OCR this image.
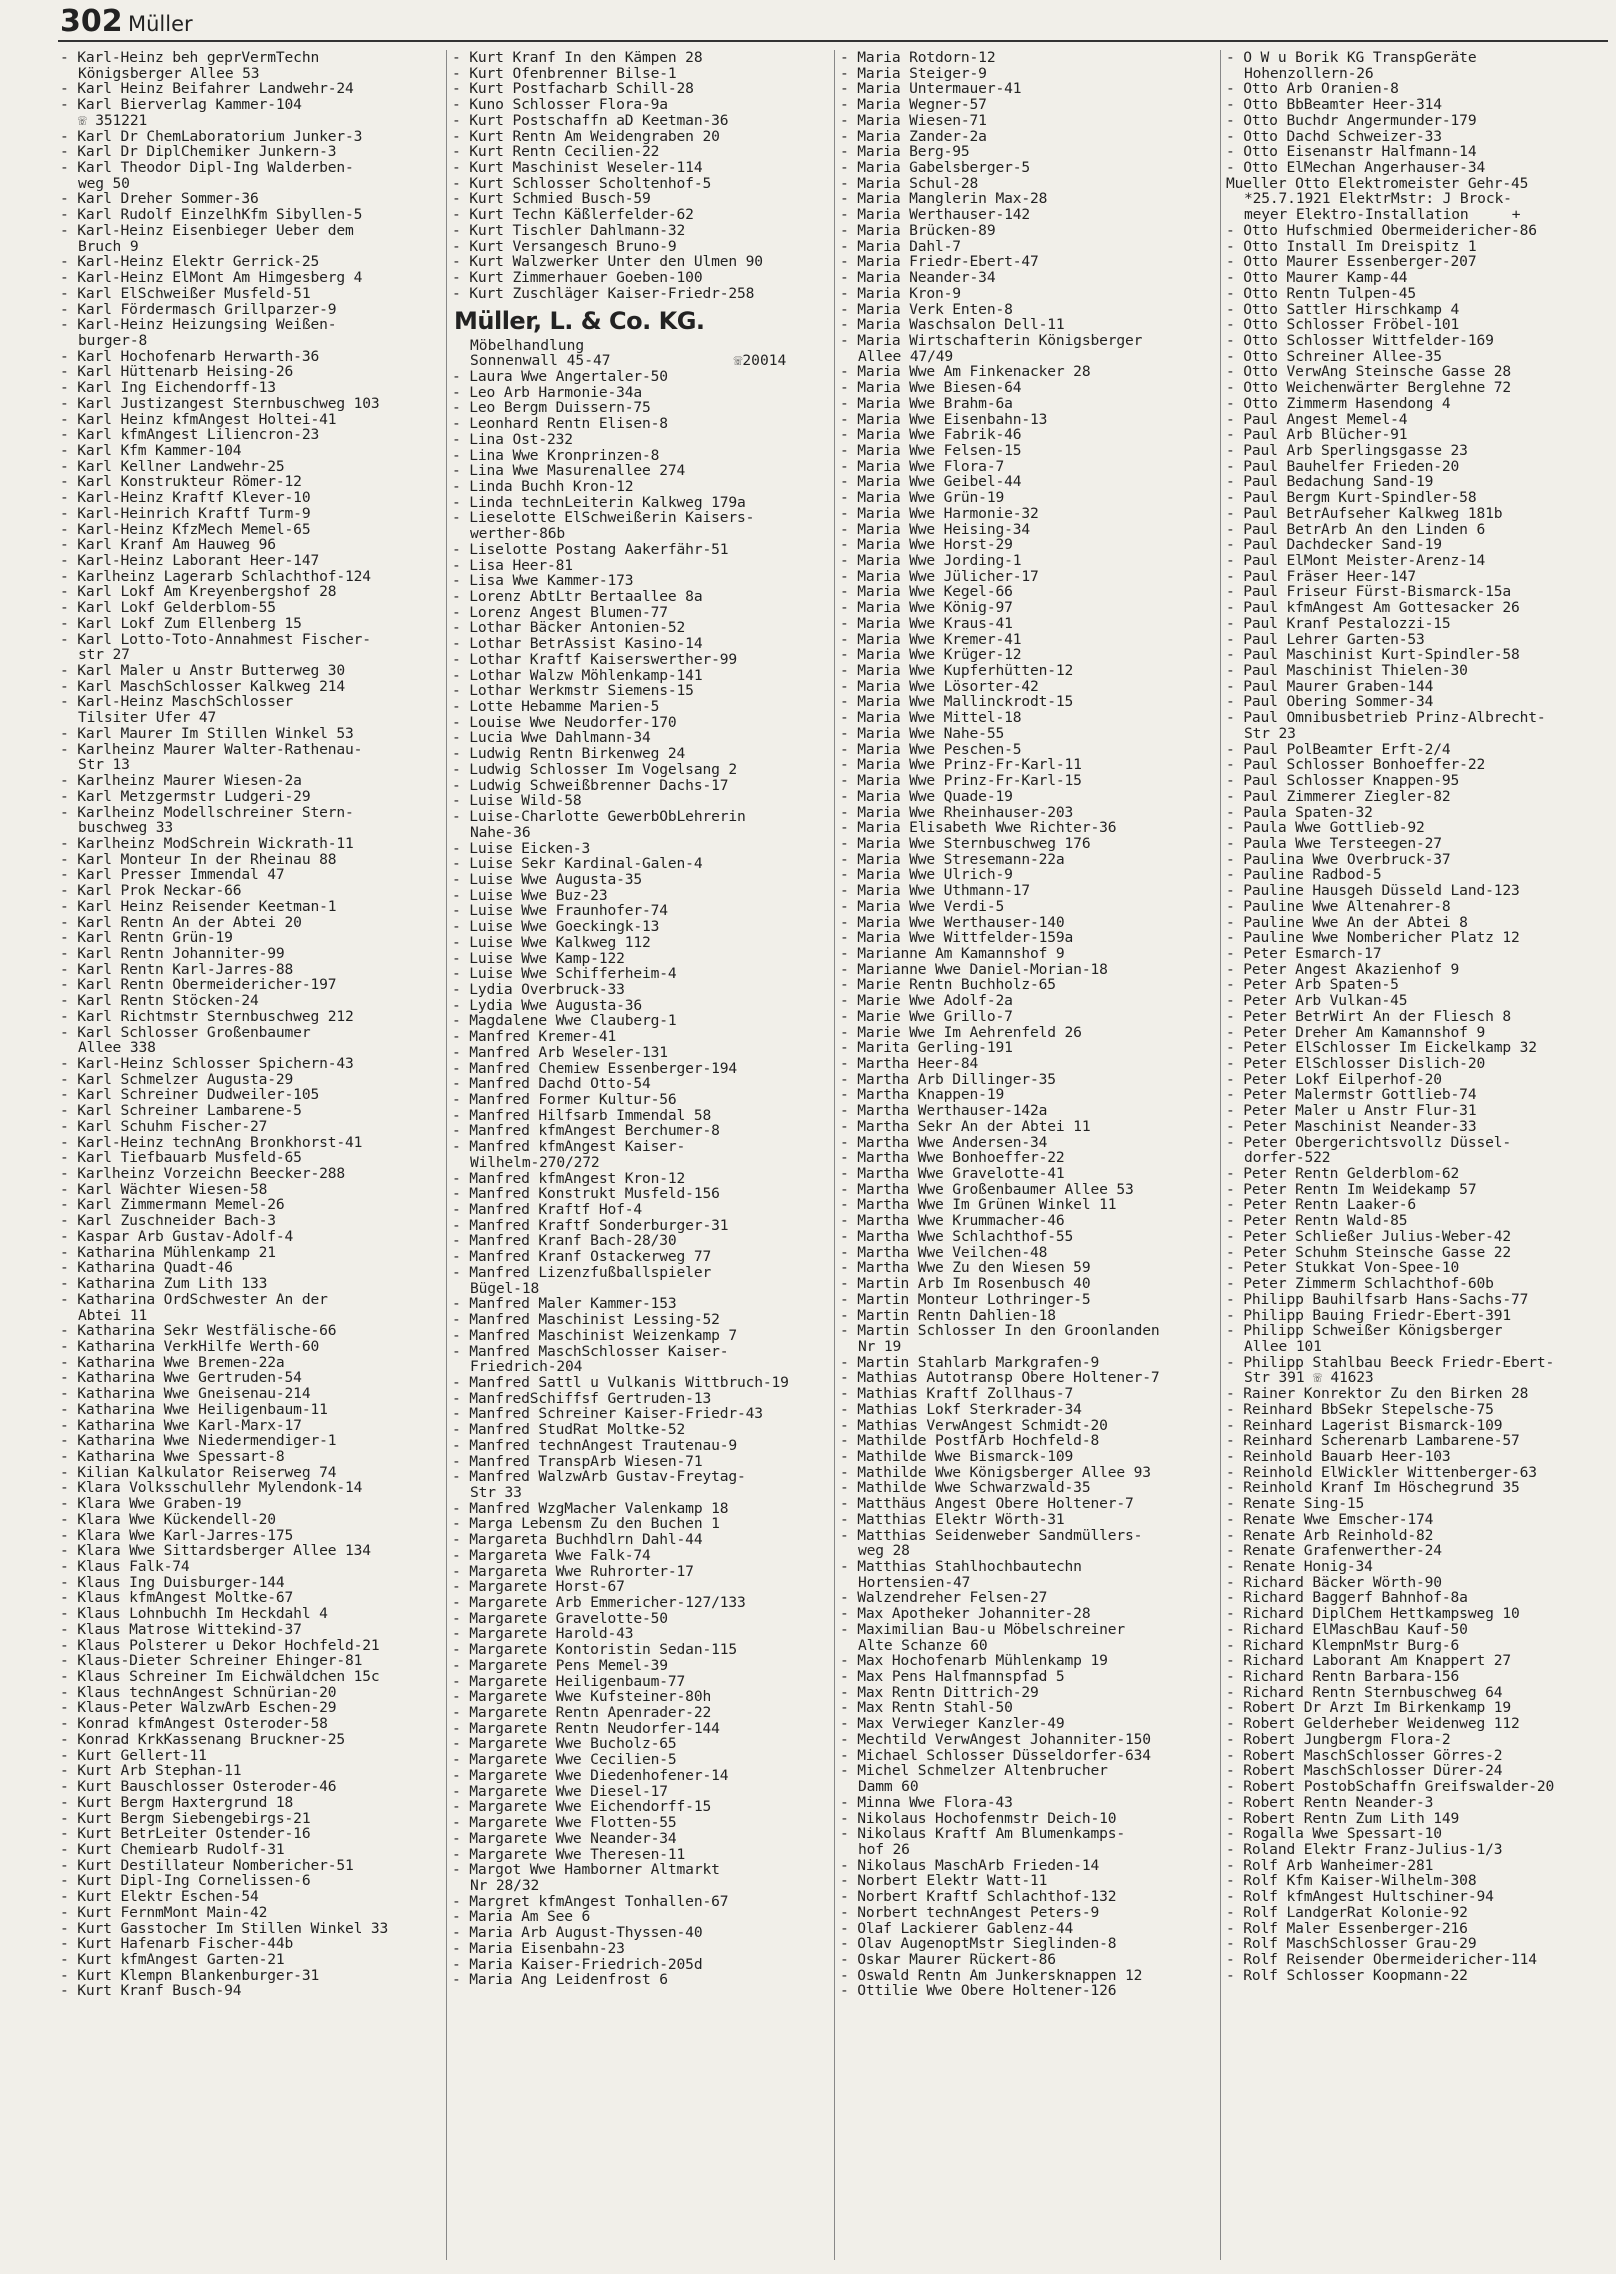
302 Müller
- Karl-Heinz beh geprVermTechn
Königsberger Allee 53
- Karl Heinz Beifahrer Landwehr-24
- Karl Bierverlag Kammer-104
☏ 351221
- Karl Dr ChemLaboratorium Junker-3
- Karl Dr DiplChemiker Junkern-3
- Karl Theodor Dipl-Ing Walderben-
weg 50
- Karl Dreher Sommer-36
- Karl Rudolf EinzelhKfm Sibyllen-5
- Karl-Heinz Eisenbieger Ueber dem
Bruch 9
- Karl-Heinz Elektr Gerrick-25
- Karl-Heinz ElMont Am Himgesberg 4
- Karl ElSchweißer Musfeld-51
- Karl Fördermasch Grillparzer-9
- Karl-Heinz Heizungsing Weißen-
burger-8
- Karl Hochofenarb Herwarth-36
- Karl Hüttenarb Heising-26
- Karl Ing Eichendorff-13
- Karl Justizangest Sternbuschweg 103
- Karl Heinz kfmAngest Holtei-41
- Karl kfmAngest Liliencron-23
- Karl Kfm Kammer-104
- Karl Kellner Landwehr-25
- Karl Konstrukteur Römer-12
- Karl-Heinz Kraftf Klever-10
- Karl-Heinrich Kraftf Turm-9
- Karl-Heinz KfzMech Memel-65
- Karl Kranf Am Hauweg 96
- Karl-Heinz Laborant Heer-147
- Karlheinz Lagerarb Schlachthof-124
- Karl Lokf Am Kreyenbergshof 28
- Karl Lokf Gelderblom-55
- Karl Lokf Zum Ellenberg 15
- Karl Lotto-Toto-Annahmest Fischer-
str 27
- Karl Maler u Anstr Butterweg 30
- Karl MaschSchlosser Kalkweg 214
- Karl-Heinz MaschSchlosser
Tilsiter Ufer 47
- Karl Maurer Im Stillen Winkel 53
- Karlheinz Maurer Walter-Rathenau-
Str 13
- Karlheinz Maurer Wiesen-2a
- Karl Metzgermstr Ludgeri-29
- Karlheinz Modellschreiner Stern-
buschweg 33
- Karlheinz ModSchrein Wickrath-11
- Karl Monteur In der Rheinau 88
- Karl Presser Immendal 47
- Karl Prok Neckar-66
- Karl Heinz Reisender Keetman-1
- Karl Rentn An der Abtei 20
- Karl Rentn Grün-19
- Karl Rentn Johanniter-99
- Karl Rentn Karl-Jarres-88
- Karl Rentn Obermeidericher-197
- Karl Rentn Stöcken-24
- Karl Richtmstr Sternbuschweg 212
- Karl Schlosser Großenbaumer
Allee 338
- Karl-Heinz Schlosser Spichern-43
- Karl Schmelzer Augusta-29
- Karl Schreiner Dudweiler-105
- Karl Schreiner Lambarene-5
- Karl Schuhm Fischer-27
- Karl-Heinz technAng Bronkhorst-41
- Karl Tiefbauarb Musfeld-65
- Karlheinz Vorzeichn Beecker-288
- Karl Wächter Wiesen-58
- Karl Zimmermann Memel-26
- Karl Zuschneider Bach-3
- Kaspar Arb Gustav-Adolf-4
- Katharina Mühlenkamp 21
- Katharina Quadt-46
- Katharina Zum Lith 133
- Katharina OrdSchwester An der
Abtei 11
- Katharina Sekr Westfälische-66
- Katharina VerkHilfe Werth-60
- Katharina Wwe Bremen-22a
- Katharina Wwe Gertruden-54
- Katharina Wwe Gneisenau-214
- Katharina Wwe Heiligenbaum-11
- Katharina Wwe Karl-Marx-17
- Katharina Wwe Niedermendiger-1
- Katharina Wwe Spessart-8
- Kilian Kalkulator Reiserweg 74
- Klara Volksschullehr Mylendonk-14
- Klara Wwe Graben-19
- Klara Wwe Kückendell-20
- Klara Wwe Karl-Jarres-175
- Klara Wwe Sittardsberger Allee 134
- Klaus Falk-74
- Klaus Ing Duisburger-144
- Klaus kfmAngest Moltke-67
- Klaus Lohnbuchh Im Heckdahl 4
- Klaus Matrose Wittekind-37
- Klaus Polsterer u Dekor Hochfeld-21
- Klaus-Dieter Schreiner Ehinger-81
- Klaus Schreiner Im Eichwäldchen 15c
- Klaus technAngest Schnürian-20
- Klaus-Peter WalzwArb Eschen-29
- Konrad kfmAngest Osteroder-58
- Konrad KrkKassenang Bruckner-25
- Kurt Gellert-11
- Kurt Arb Stephan-11
- Kurt Bauschlosser Osteroder-46
- Kurt Bergm Haxtergrund 18
- Kurt Bergm Siebengebirgs-21
- Kurt BetrLeiter Ostender-16
- Kurt Chemiearb Rudolf-31
- Kurt Destillateur Nombericher-51
- Kurt Dipl-Ing Cornelissen-6
- Kurt Elektr Eschen-54
- Kurt FernmMont Main-42
- Kurt Gasstocher Im Stillen Winkel 33
- Kurt Hafenarb Fischer-44b
- Kurt kfmAngest Garten-21
- Kurt Klempn Blankenburger-31
- Kurt Kranf Busch-94
- Kurt Kranf In den Kämpen 28
- Kurt Ofenbrenner Bilse-1
- Kurt Postfacharb Schill-28
- Kuno Schlosser Flora-9a
- Kurt Postschaffn aD Keetman-36
- Kurt Rentn Am Weidengraben 20
- Kurt Rentn Cecilien-22
- Kurt Maschinist Weseler-114
- Kurt Schlosser Scholtenhof-5
- Kurt Schmied Busch-59
- Kurt Techn Käßlerfelder-62
- Kurt Tischler Dahlmann-32
- Kurt Versangesch Bruno-9
- Kurt Walzwerker Unter den Ulmen 90
- Kurt Zimmerhauer Goeben-100
- Kurt Zuschläger Kaiser-Friedr-258
Müller, L. & Co. KG.
Möbelhandlung
Sonnenwall 45-47              ☏20014
- Laura Wwe Angertaler-50
- Leo Arb Harmonie-34a
- Leo Bergm Duissern-75
- Leonhard Rentn Elisen-8
- Lina Ost-232
- Lina Wwe Kronprinzen-8
- Lina Wwe Masurenallee 274
- Linda Buchh Kron-12
- Linda technLeiterin Kalkweg 179a
- Lieselotte ElSchweißerin Kaisers-
werther-86b
- Liselotte Postang Aakerfähr-51
- Lisa Heer-81
- Lisa Wwe Kammer-173
- Lorenz AbtLtr Bertaallee 8a
- Lorenz Angest Blumen-77
- Lothar Bäcker Antonien-52
- Lothar BetrAssist Kasino-14
- Lothar Kraftf Kaiserswerther-99
- Lothar Walzw Möhlenkamp-141
- Lothar Werkmstr Siemens-15
- Lotte Hebamme Marien-5
- Louise Wwe Neudorfer-170
- Lucia Wwe Dahlmann-34
- Ludwig Rentn Birkenweg 24
- Ludwig Schlosser Im Vogelsang 2
- Ludwig Schweißbrenner Dachs-17
- Luise Wild-58
- Luise-Charlotte GewerbObLehrerin
Nahe-36
- Luise Eicken-3
- Luise Sekr Kardinal-Galen-4
- Luise Wwe Augusta-35
- Luise Wwe Buz-23
- Luise Wwe Fraunhofer-74
- Luise Wwe Goeckingk-13
- Luise Wwe Kalkweg 112
- Luise Wwe Kamp-122
- Luise Wwe Schifferheim-4
- Lydia Overbruck-33
- Lydia Wwe Augusta-36
- Magdalene Wwe Clauberg-1
- Manfred Kremer-41
- Manfred Arb Weseler-131
- Manfred Chemiew Essenberger-194
- Manfred Dachd Otto-54
- Manfred Former Kultur-56
- Manfred Hilfsarb Immendal 58
- Manfred kfmAngest Berchumer-8
- Manfred kfmAngest Kaiser-
Wilhelm-270/272
- Manfred kfmAngest Kron-12
- Manfred Konstrukt Musfeld-156
- Manfred Kraftf Hof-4
- Manfred Kraftf Sonderburger-31
- Manfred Kranf Bach-28/30
- Manfred Kranf Ostackerweg 77
- Manfred Lizenzfußballspieler
Bügel-18
- Manfred Maler Kammer-153
- Manfred Maschinist Lessing-52
- Manfred Maschinist Weizenkamp 7
- Manfred MaschSchlosser Kaiser-
Friedrich-204
- Manfred Sattl u Vulkanis Wittbruch-19
- ManfredSchiffsf Gertruden-13
- Manfred Schreiner Kaiser-Friedr-43
- Manfred StudRat Moltke-52
- Manfred technAngest Trautenau-9
- Manfred TranspArb Wiesen-71
- Manfred WalzwArb Gustav-Freytag-
Str 33
- Manfred WzgMacher Valenkamp 18
- Marga Lebensm Zu den Buchen 1
- Margareta Buchhdlrn Dahl-44
- Margareta Wwe Falk-74
- Margareta Wwe Ruhrorter-17
- Margarete Horst-67
- Margarete Arb Emmericher-127/133
- Margarete Gravelotte-50
- Margarete Harold-43
- Margarete Kontoristin Sedan-115
- Margarete Pens Memel-39
- Margarete Heiligenbaum-77
- Margarete Wwe Kufsteiner-80h
- Margarete Rentn Apenrader-22
- Margarete Rentn Neudorfer-144
- Margarete Wwe Bucholz-65
- Margarete Wwe Cecilien-5
- Margarete Wwe Diedenhofener-14
- Margarete Wwe Diesel-17
- Margarete Wwe Eichendorff-15
- Margarete Wwe Flotten-55
- Margarete Wwe Neander-34
- Margarete Wwe Theresen-11
- Margot Wwe Hamborner Altmarkt
Nr 28/32
- Margret kfmAngest Tonhallen-67
- Maria Am See 6
- Maria Arb August-Thyssen-40
- Maria Eisenbahn-23
- Maria Kaiser-Friedrich-205d
- Maria Ang Leidenfrost 6
- Maria Rotdorn-12
- Maria Steiger-9
- Maria Untermauer-41
- Maria Wegner-57
- Maria Wiesen-71
- Maria Zander-2a
- Maria Berg-95
- Maria Gabelsberger-5
- Maria Schul-28
- Maria Manglerin Max-28
- Maria Werthauser-142
- Maria Brücken-89
- Maria Dahl-7
- Maria Friedr-Ebert-47
- Maria Neander-34
- Maria Kron-9
- Maria Verk Enten-8
- Maria Waschsalon Dell-11
- Maria Wirtschafterin Königsberger
Allee 47/49
- Maria Wwe Am Finkenacker 28
- Maria Wwe Biesen-64
- Maria Wwe Brahm-6a
- Maria Wwe Eisenbahn-13
- Maria Wwe Fabrik-46
- Maria Wwe Felsen-15
- Maria Wwe Flora-7
- Maria Wwe Geibel-44
- Maria Wwe Grün-19
- Maria Wwe Harmonie-32
- Maria Wwe Heising-34
- Maria Wwe Horst-29
- Maria Wwe Jording-1
- Maria Wwe Jülicher-17
- Maria Wwe Kegel-66
- Maria Wwe König-97
- Maria Wwe Kraus-41
- Maria Wwe Kremer-41
- Maria Wwe Krüger-12
- Maria Wwe Kupferhütten-12
- Maria Wwe Lösorter-42
- Maria Wwe Mallinckrodt-15
- Maria Wwe Mittel-18
- Maria Wwe Nahe-55
- Maria Wwe Peschen-5
- Maria Wwe Prinz-Fr-Karl-11
- Maria Wwe Prinz-Fr-Karl-15
- Maria Wwe Quade-19
- Maria Wwe Rheinhauser-203
- Maria Elisabeth Wwe Richter-36
- Maria Wwe Sternbuschweg 176
- Maria Wwe Stresemann-22a
- Maria Wwe Ulrich-9
- Maria Wwe Uthmann-17
- Maria Wwe Verdi-5
- Maria Wwe Werthauser-140
- Maria Wwe Wittfelder-159a
- Marianne Am Kamannshof 9
- Marianne Wwe Daniel-Morian-18
- Marie Rentn Buchholz-65
- Marie Wwe Adolf-2a
- Marie Wwe Grillo-7
- Marie Wwe Im Aehrenfeld 26
- Marita Gerling-191
- Martha Heer-84
- Martha Arb Dillinger-35
- Martha Knappen-19
- Martha Werthauser-142a
- Martha Sekr An der Abtei 11
- Martha Wwe Andersen-34
- Martha Wwe Bonhoeffer-22
- Martha Wwe Gravelotte-41
- Martha Wwe Großenbaumer Allee 53
- Martha Wwe Im Grünen Winkel 11
- Martha Wwe Krummacher-46
- Martha Wwe Schlachthof-55
- Martha Wwe Veilchen-48
- Martha Wwe Zu den Wiesen 59
- Martin Arb Im Rosenbusch 40
- Martin Monteur Lothringer-5
- Martin Rentn Dahlien-18
- Martin Schlosser In den Groonlanden
Nr 19
- Martin Stahlarb Markgrafen-9
- Mathias Autotransp Obere Holtener-7
- Mathias Kraftf Zollhaus-7
- Mathias Lokf Sterkrader-34
- Mathias VerwAngest Schmidt-20
- Mathilde PostfArb Hochfeld-8
- Mathilde Wwe Bismarck-109
- Mathilde Wwe Königsberger Allee 93
- Mathilde Wwe Schwarzwald-35
- Matthäus Angest Obere Holtener-7
- Matthias Elektr Wörth-31
- Matthias Seidenweber Sandmüllers-
weg 28
- Matthias Stahlhochbautechn
Hortensien-47
- Walzendreher Felsen-27
- Max Apotheker Johanniter-28
- Maximilian Bau-u Möbelschreiner
Alte Schanze 60
- Max Hochofenarb Mühlenkamp 19
- Max Pens Halfmannspfad 5
- Max Rentn Dittrich-29
- Max Rentn Stahl-50
- Max Verwieger Kanzler-49
- Mechtild VerwAngest Johanniter-150
- Michael Schlosser Düsseldorfer-634
- Michel Schmelzer Altenbrucher
Damm 60
- Minna Wwe Flora-43
- Nikolaus Hochofenmstr Deich-10
- Nikolaus Kraftf Am Blumenkamps-
hof 26
- Nikolaus MaschArb Frieden-14
- Norbert Elektr Watt-11
- Norbert Kraftf Schlachthof-132
- Norbert technAngest Peters-9
- Olaf Lackierer Gablenz-44
- Olav AugenoptMstr Sieglinden-8
- Oskar Maurer Rückert-86
- Oswald Rentn Am Junkersknappen 12
- Ottilie Wwe Obere Holtener-126
- O W u Borik KG TranspGeräte
Hohenzollern-26
- Otto Arb Oranien-8
- Otto BbBeamter Heer-314
- Otto Buchdr Angermunder-179
- Otto Dachd Schweizer-33
- Otto Eisenanstr Halfmann-14
- Otto ElMechan Angerhauser-34
Mueller Otto Elektromeister Gehr-45
*25.7.1921 ElektrMstr: J Brock-
meyer Elektro-Installation     +
- Otto Hufschmied Obermeidericher-86
- Otto Install Im Dreispitz 1
- Otto Maurer Essenberger-207
- Otto Maurer Kamp-44
- Otto Rentn Tulpen-45
- Otto Sattler Hirschkamp 4
- Otto Schlosser Fröbel-101
- Otto Schlosser Wittfelder-169
- Otto Schreiner Allee-35
- Otto VerwAng Steinsche Gasse 28
- Otto Weichenwärter Berglehne 72
- Otto Zimmerm Hasendong 4
- Paul Angest Memel-4
- Paul Arb Blücher-91
- Paul Arb Sperlingsgasse 23
- Paul Bauhelfer Frieden-20
- Paul Bedachung Sand-19
- Paul Bergm Kurt-Spindler-58
- Paul BetrAufseher Kalkweg 181b
- Paul BetrArb An den Linden 6
- Paul Dachdecker Sand-19
- Paul ElMont Meister-Arenz-14
- Paul Fräser Heer-147
- Paul Friseur Fürst-Bismarck-15a
- Paul kfmAngest Am Gottesacker 26
- Paul Kranf Pestalozzi-15
- Paul Lehrer Garten-53
- Paul Maschinist Kurt-Spindler-58
- Paul Maschinist Thielen-30
- Paul Maurer Graben-144
- Paul Obering Sommer-34
- Paul Omnibusbetrieb Prinz-Albrecht-
Str 23
- Paul PolBeamter Erft-2/4
- Paul Schlosser Bonhoeffer-22
- Paul Schlosser Knappen-95
- Paul Zimmerer Ziegler-82
- Paula Spaten-32
- Paula Wwe Gottlieb-92
- Paula Wwe Tersteegen-27
- Paulina Wwe Overbruck-37
- Pauline Radbod-5
- Pauline Hausgeh Düsseld Land-123
- Pauline Wwe Altenahrer-8
- Pauline Wwe An der Abtei 8
- Pauline Wwe Nombericher Platz 12
- Peter Esmarch-17
- Peter Angest Akazienhof 9
- Peter Arb Spaten-5
- Peter Arb Vulkan-45
- Peter BetrWirt An der Fliesch 8
- Peter Dreher Am Kamannshof 9
- Peter ElSchlosser Im Eickelkamp 32
- Peter ElSchlosser Dislich-20
- Peter Lokf Eilperhof-20
- Peter Malermstr Gottlieb-74
- Peter Maler u Anstr Flur-31
- Peter Maschinist Neander-33
- Peter Obergerichtsvollz Düssel-
dorfer-522
- Peter Rentn Gelderblom-62
- Peter Rentn Im Weidekamp 57
- Peter Rentn Laaker-6
- Peter Rentn Wald-85
- Peter Schließer Julius-Weber-42
- Peter Schuhm Steinsche Gasse 22
- Peter Stukkat Von-Spee-10
- Peter Zimmerm Schlachthof-60b
- Philipp Bauhilfsarb Hans-Sachs-77
- Philipp Bauing Friedr-Ebert-391
- Philipp Schweißer Königsberger
Allee 101
- Philipp Stahlbau Beeck Friedr-Ebert-
Str 391 ☏ 41623
- Rainer Konrektor Zu den Birken 28
- Reinhard BbSekr Stepelsche-75
- Reinhard Lagerist Bismarck-109
- Reinhard Scherenarb Lambarene-57
- Reinhold Bauarb Heer-103
- Reinhold ElWickler Wittenberger-63
- Reinhold Kranf Im Höschegrund 35
- Renate Sing-15
- Renate Wwe Emscher-174
- Renate Arb Reinhold-82
- Renate Grafenwerther-24
- Renate Honig-34
- Richard Bäcker Wörth-90
- Richard Baggerf Bahnhof-8a
- Richard DiplChem Hettkampsweg 10
- Richard ElMaschBau Kauf-50
- Richard KlempnMstr Burg-6
- Richard Laborant Am Knappert 27
- Richard Rentn Barbara-156
- Richard Rentn Sternbuschweg 64
- Robert Dr Arzt Im Birkenkamp 19
- Robert Gelderheber Weidenweg 112
- Robert Jungbergm Flora-2
- Robert MaschSchlosser Görres-2
- Robert MaschSchlosser Dürer-24
- Robert PostobSchaffn Greifswalder-20
- Robert Rentn Neander-3
- Robert Rentn Zum Lith 149
- Rogalla Wwe Spessart-10
- Roland Elektr Franz-Julius-1/3
- Rolf Arb Wanheimer-281
- Rolf Kfm Kaiser-Wilhelm-308
- Rolf kfmAngest Hultschiner-94
- Rolf LandgerRat Kolonie-92
- Rolf Maler Essenberger-216
- Rolf MaschSchlosser Grau-29
- Rolf Reisender Obermeidericher-114
- Rolf Schlosser Koopmann-22
